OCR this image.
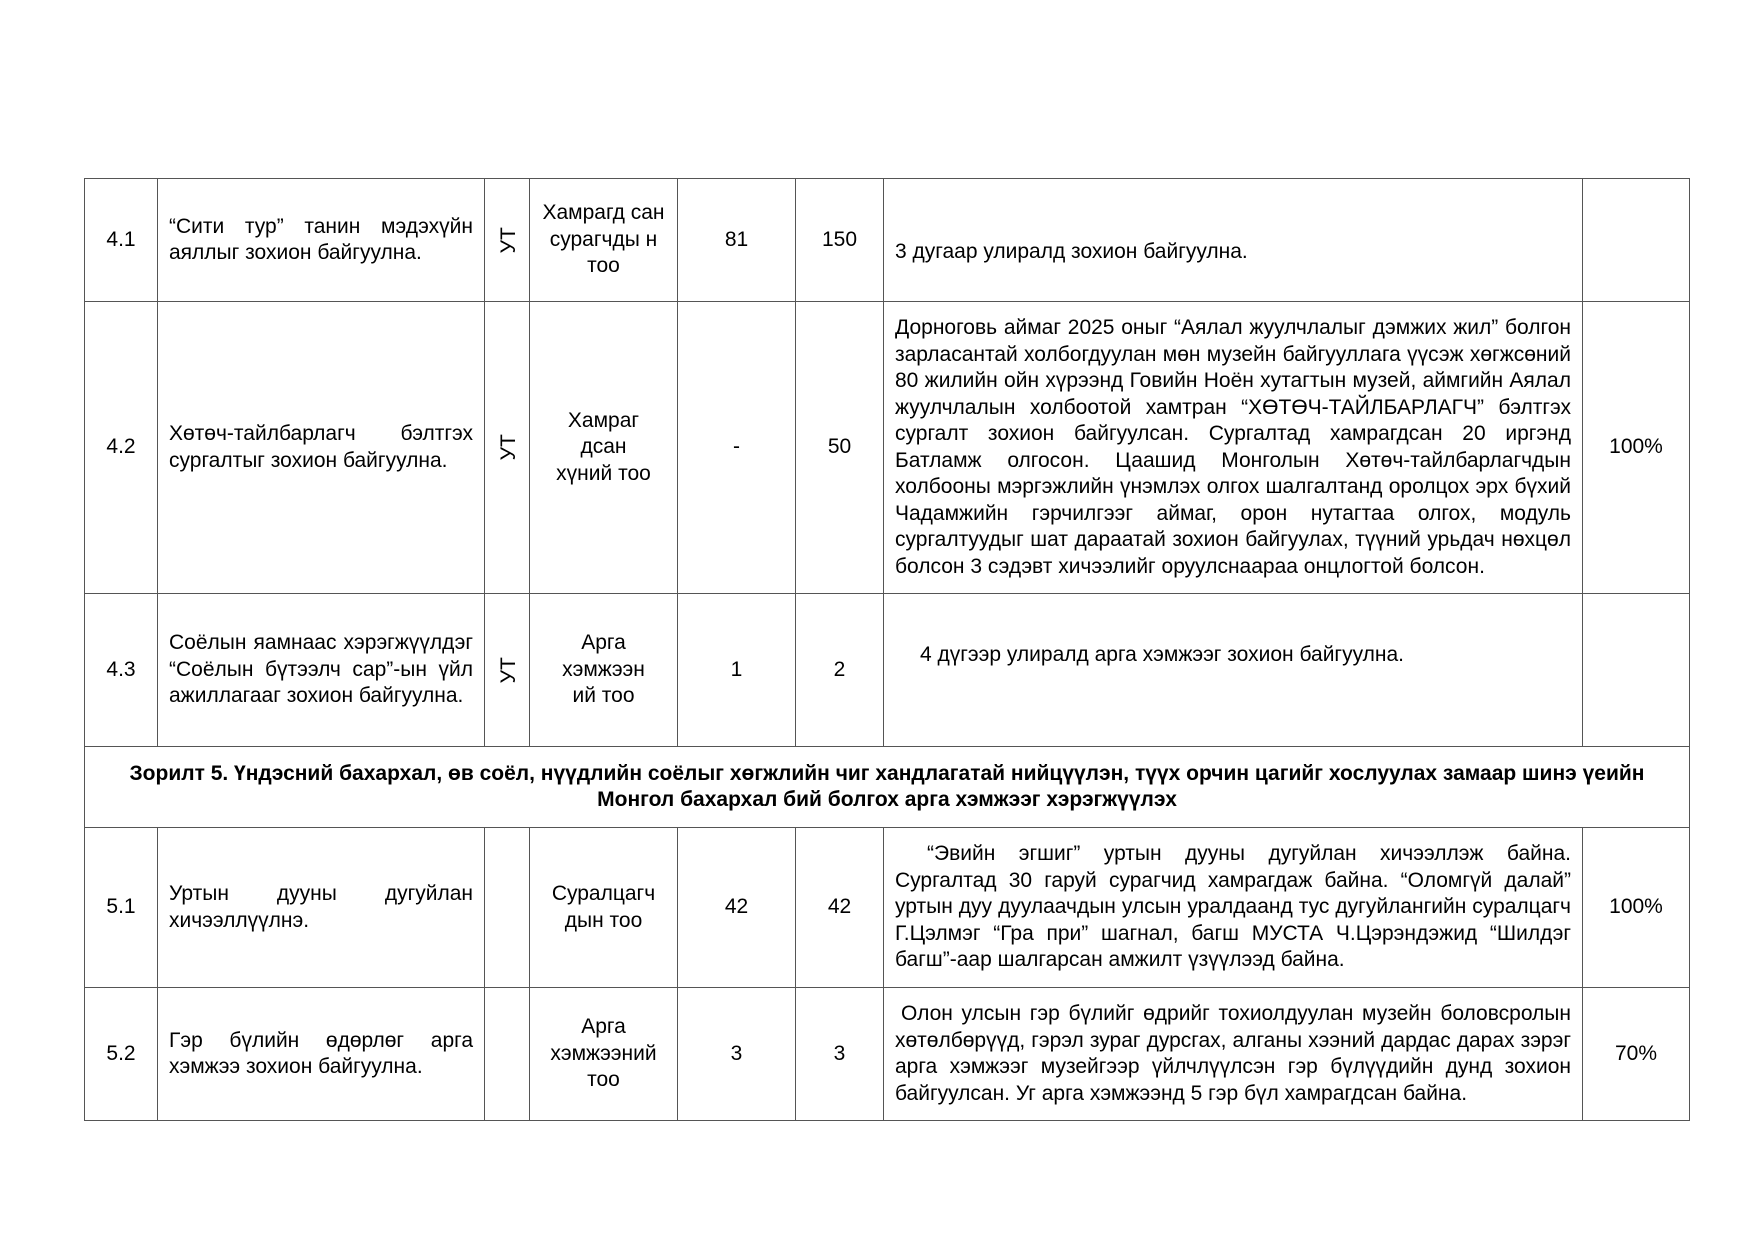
4.1	“Сити тур” танин мэдэхүйн аяллыг зохион байгуулна.	УТ	Хамрагд сан сурагчды н тоо	81	150	3 дугаар улиралд зохион байгуулна.	
4.2	Хөтөч-тайлбарлагч бэлтгэх сургалтыг зохион байгуулна.	УТ	Хамраг дсан хүний тоо	-	50	Дорноговь аймаг 2025 оныг “Аялал жуулчлалыг дэмжих жил” болгон зарласантай холбогдуулан мөн музейн байгууллага үүсэж хөгжсөний 80 жилийн ойн хүрээнд Говийн Ноён хутагтын музей, аймгийн Аялал жуулчлалын холбоотой хамтран “ХӨТӨЧ-ТАЙЛБАРЛАГЧ” бэлтгэх сургалт зохион байгуулсан. Сургалтад хамрагдсан 20 иргэнд Батламж олгосон. Цаашид Монголын Хөтөч-тайлбарлагчдын холбооны мэргэжлийн үнэмлэх олгох шалгалтанд оролцох эрх бүхий Чадамжийн гэрчилгээг аймаг, орон нутагтаа олгох, модуль сургалтуудыг шат дараатай зохион байгуулах, түүний урьдач нөхцөл болсон 3 сэдэвт хичээлийг оруулснаараа онцлогтой болсон.	100%
4.3	Соёлын яамнаас хэрэгжүүлдэг “Соёлын бүтээлч сар”-ын үйл ажиллагааг зохион байгуулна.	УТ	Арга хэмжээн ий тоо	1	2	4 дүгээр улиралд арга хэмжээг зохион байгуулна.	
Зорилт 5. Үндэсний бахархал, өв соёл, нүүдлийн соёлыг хөгжлийн чиг хандлагатай нийцүүлэн, түүх орчин цагийг хослуулах замаар шинэ үеийн Монгол бахархал бий болгох арга хэмжээг хэрэгжүүлэх							
5.1	Уртын дууны дугуйлан хичээллүүлнэ.		Суралцагч дын тоо	42	42	“Эвийн эгшиг” уртын дууны дугуйлан хичээллэж байна. Сургалтад 30 гаруй сурагчид хамрагдаж байна. “Оломгүй далай” уртын дуу дуулаачдын улсын уралдаанд тус дугуйлангийн суралцагч Г.Цэлмэг “Гра при” шагнал, багш МУСТА Ч.Цэрэндэжид “Шилдэг багш”-аар шалгарсан амжилт үзүүлээд байна.	100%
5.2	Гэр бүлийн өдөрлөг арга хэмжээ зохион байгуулна.		Арга хэмжээний тоо	3	3	Олон улсын гэр бүлийг өдрийг тохиолдуулан музейн боловсролын хөтөлбөрүүд, гэрэл зураг дурсгах, алганы хээний дардас дарах зэрэг арга хэмжээг музейгээр үйлчлүүлсэн гэр бүлүүдийн дунд зохион байгуулсан. Уг арга хэмжээнд 5 гэр бүл хамрагдсан байна.	70%
